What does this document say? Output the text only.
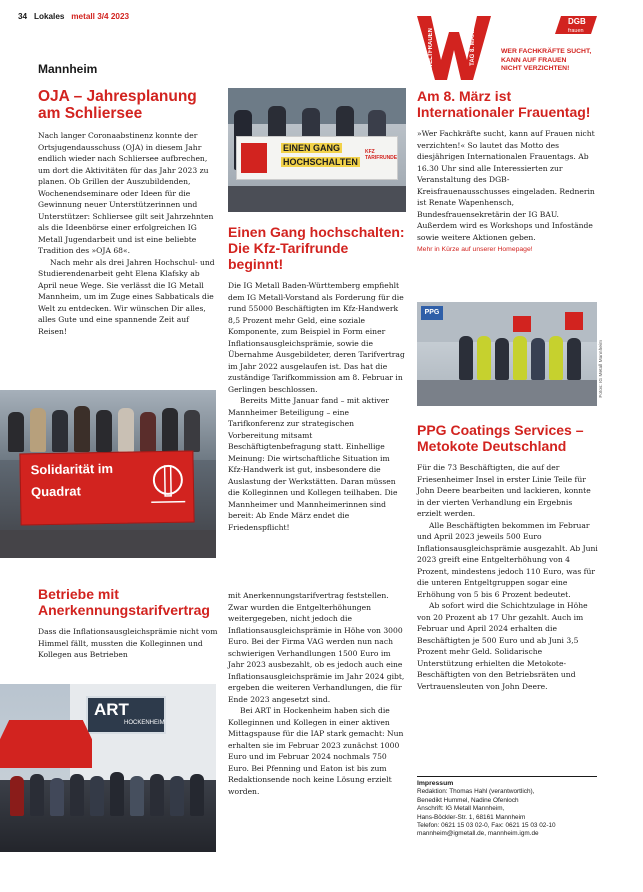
34 Lokales metall 3/4 2023
WELTFRAUEN	TAG 8. MÄRZ
DGB
frauen
WER FACHKRÄFTE SUCHT,
KANN AUF FRAUEN
NICHT VERZICHTEN!
Mannheim
OJA – Jahresplanung am Schliersee

Nach langer Coronaabstinenz konnte der Ortsjugendausschuss (OJA) in diesem Jahr endlich wieder nach Schliersee aufbrechen, um dort die Aktivitäten für das Jahr 2023 zu planen. Ob Grillen der Auszubildenden, Wochenendseminare oder Ideen für die Gewinnung neuer Unterstützerinnen und Unterstützer: Schliersee gilt seit Jahrzehnten als die Ideenbörse einer erfolgreichen IG Metall Jugendarbeit und ist eine beliebte Tradition des »OJA 68«.

Nach mehr als drei Jahren Hochschul- und Studierendenarbeit geht Elena Klafsky ab April neue Wege. Sie verlässt die IG Metall Mannheim, um im Zuge eines Sabbaticals die Welt zu entdecken. Wir wünschen Dir alles, alles Gute und eine spannende Zeit auf Reisen!

Solidarität im
Quadrat
Betriebe mit Anerkennungstarifvertrag

Dass die Inflationsausgleichsprämie nicht vom Himmel fällt, mussten die Kolleginnen und Kollegen aus Betrieben

ART
HOCKENHEIM
EINEN GANG
HOCHSCHALTEN
KFZ TARIFRUNDE
Einen Gang hochschalten: Die Kfz-Tarifrunde beginnt!

Die IG Metall Baden-Württemberg empfiehlt dem IG Metall-Vorstand als Forderung für die rund 55000 Beschäftigten im Kfz-Handwerk 8,5 Prozent mehr Geld, eine soziale Komponente, zum Beispiel in Form einer Inflationsausgleichsprämie, sowie die Übernahme Ausgebildeter, deren Tarifvertrag im Jahr 2022 ausgelaufen ist. Das hat die zuständige Tarifkommission am 8. Februar in Gerlingen beschlossen.

Bereits Mitte Januar fand – mit aktiver Mannheimer Beteiligung – eine Tarifkonferenz zur strategischen Vorbereitung mitsamt Beschäftigtenbefragung statt. Einhellige Meinung: Die wirtschaftliche Situation im Kfz-Handwerk ist gut, insbesondere die Auslastung der Werkstätten. Daran müssen die Kolleginnen und Kollegen teilhaben. Die Mannheimer und Mannheimerinnen sind bereit: Ab Ende März endet die Friedenspflicht!

mit Anerkennungstarifvertrag feststellen. Zwar wurden die Entgelterhöhungen weitergegeben, nicht jedoch die Inflationsausgleichsprämie in Höhe von 3000 Euro. Bei der Firma VAG werden nun nach schwierigen Verhandlungen 1500 Euro im Jahr 2023 ausbezahlt, ob es jedoch auch eine Inflationsausgleichsprämie im Jahr 2024 gibt, ergeben die weiteren Verhandlungen, die für Ende 2023 angesetzt sind.

Bei ART in Hockenheim haben sich die Kolleginnen und Kollegen in einer aktiven Mittagspause für die IAP stark gemacht: Nun erhalten sie im Februar 2023 zunächst 1000 Euro und im Februar 2024 nochmals 750 Euro. Bei Pfenning und Eaton ist bis zum Redaktionsende noch keine Lösung erzielt worden.

Am 8. März ist Internationaler Frauentag!

»Wer Fachkräfte sucht, kann auf Frauen nicht verzichten!« So lautet das Motto des diesjährigen Internationalen Frauentags. Ab 16.30 Uhr sind alle Interessierten zur Veranstaltung des DGB-Kreisfrauenausschusses eingeladen. Rednerin ist Renate Wapenhensch, Bundesfrauensekretärin der IG BAU. Außerdem wird es Workshops und Infostände sowie weitere Aktionen geben.

Mehr in Kürze auf unserer Homepage!
PPG
Fotos: IG Metall Mannheim
PPG Coatings Services – Metokote Deutschland

Für die 73 Beschäftigten, die auf der Friesenheimer Insel in erster Linie Teile für John Deere bearbeiten und lackieren, konnte in der vierten Verhandlung ein Ergebnis erzielt werden.

Alle Beschäftigten bekommen im Februar und April 2023 jeweils 500 Euro Inflationsausgleichsprämie ausgezahlt. Ab Juni 2023 greift eine Entgelterhöhung von 4 Prozent, mindestens jedoch 110 Euro, was für die unteren Entgeltgruppen sogar eine Erhöhung von 5 bis 6 Prozent bedeutet.

Ab sofort wird die Schichtzulage in Höhe von 20 Prozent ab 17 Uhr gezahlt. Auch im Februar und April 2024 erhalten die Beschäftigten je 500 Euro und ab Juni 3,5 Prozent mehr Geld. Solidarische Unterstützung erhielten die Metokote-Beschäftigten von den Betriebsräten und Vertrauensleuten von John Deere.

Impressum
Redaktion: Thomas Hahl (verantwortlich),
Benedikt Hummel, Nadine Ofenloch
Anschrift: IG Metall Mannheim,
Hans-Böckler-Str. 1, 68161 Mannheim
Telefon: 0621 15 03 02-0, Fax: 0621 15 03 02-10
mannheim@igmetall.de, mannheim.igm.de
